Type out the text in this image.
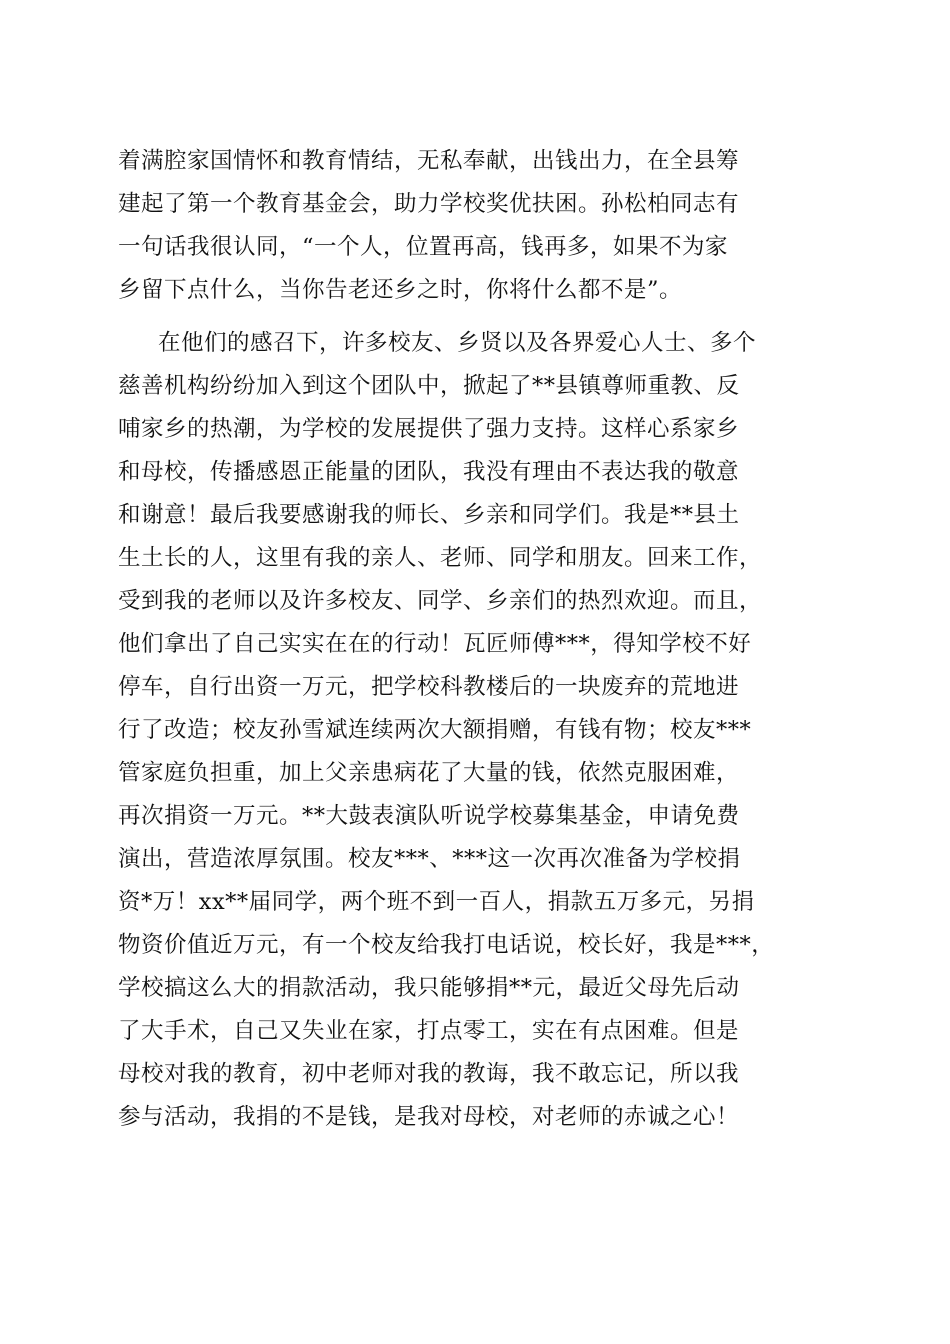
着满腔家国情怀和教育情结，无私奉献，出钱出力，在全县筹
建起了第一个教育基金会，助力学校奖优扶困。孙松柏同志有
一句话我很认同，“一个人，位置再高，钱再多，如果不为家
乡留下点什么，当你告老还乡之时，你将什么都不是”。
在他们的感召下，许多校友、乡贤以及各界爱心人士、多个
慈善机构纷纷加入到这个团队中，掀起了**县镇尊师重教、反
哺家乡的热潮，为学校的发展提供了强力支持。这样心系家乡
和母校，传播感恩正能量的团队，我没有理由不表达我的敬意
和谢意！最后我要感谢我的师长、乡亲和同学们。我是**县土
生土长的人，这里有我的亲人、老师、同学和朋友。回来工作，
受到我的老师以及许多校友、同学、乡亲们的热烈欢迎。而且，
他们拿出了自己实实在在的行动！瓦匠师傅***，得知学校不好
停车，自行出资一万元，把学校科教楼后的一块废弃的荒地进
行了改造；校友孙雪斌连续两次大额捐赠，有钱有物；校友***
管家庭负担重，加上父亲患病花了大量的钱，依然克服困难，
再次捐资一万元。**大鼓表演队听说学校募集基金，申请免费
演出，营造浓厚氛围。校友***、***这一次再次准备为学校捐
资*万！xx**届同学，两个班不到一百人，捐款五万多元，另捐
物资价值近万元，有一个校友给我打电话说，校长好，我是***，
学校搞这么大的捐款活动，我只能够捐**元，最近父母先后动
了大手术，自己又失业在家，打点零工，实在有点困难。但是
母校对我的教育，初中老师对我的教诲，我不敢忘记，所以我
参与活动，我捐的不是钱，是我对母校，对老师的赤诚之心！
